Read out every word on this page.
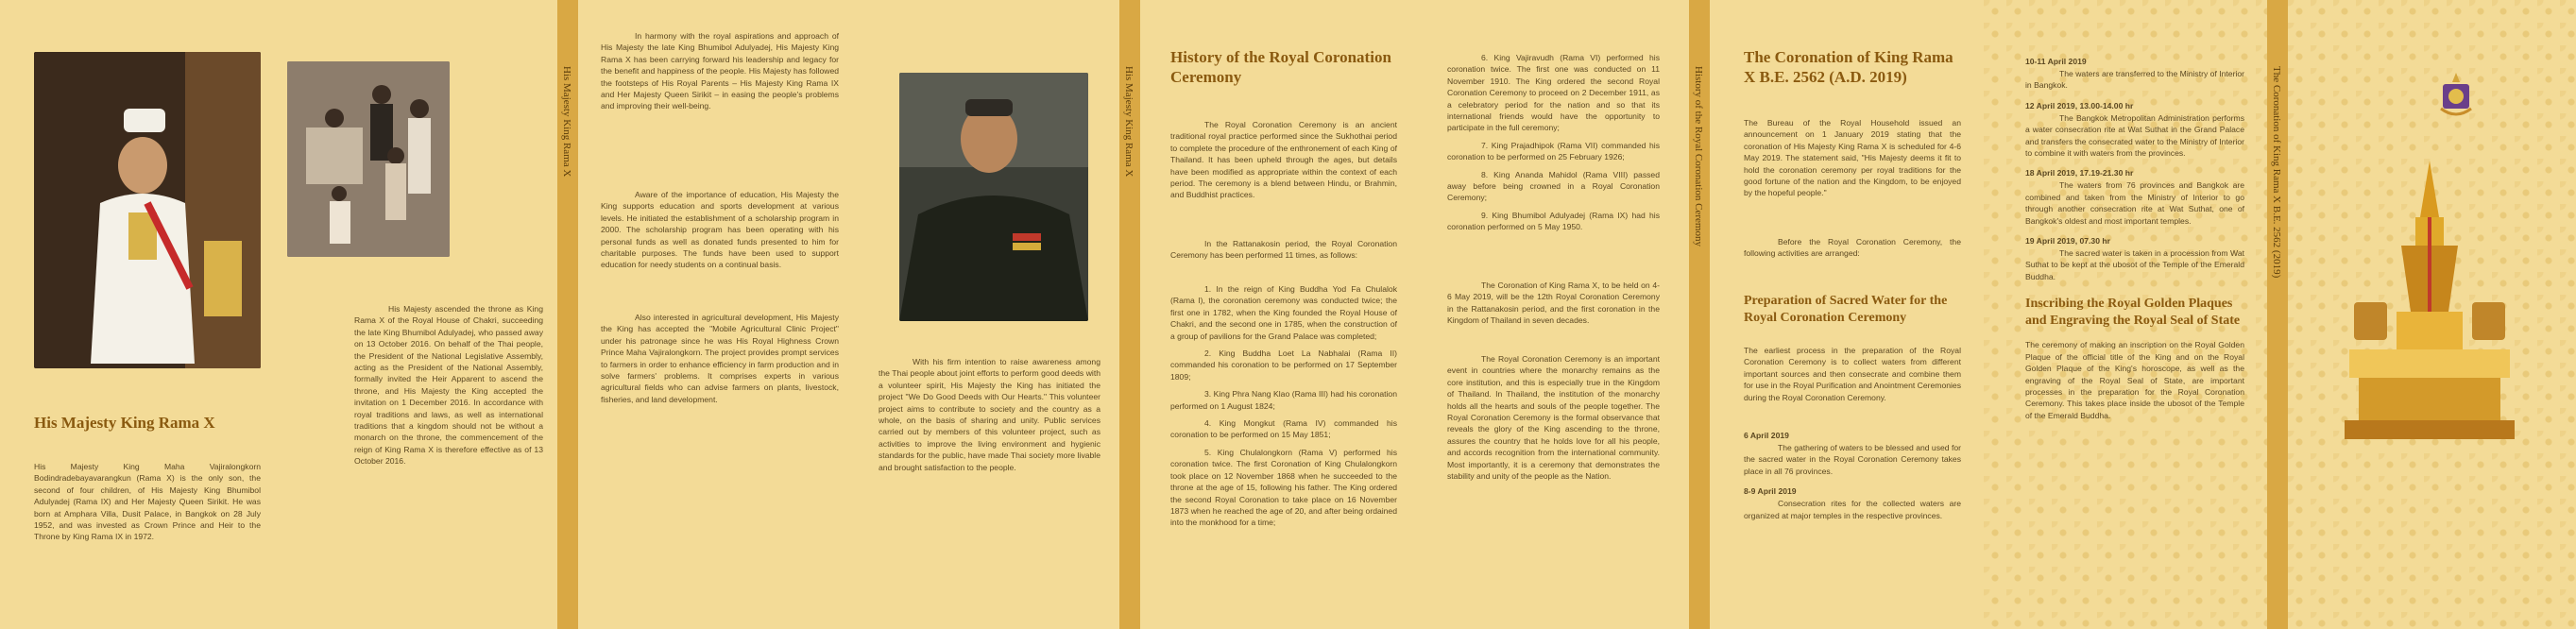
His Majesty King Rama X

His Majesty King Maha Vajiralongkorn Bodindradebayavarangkun (Rama X) is the only son, the second of four children, of His Majesty King Bhumibol Adulyadej (Rama IX) and Her Majesty Queen Sirikit. He was born at Amphara Villa, Dusit Palace, in Bangkok on 28 July 1952, and was invested as Crown Prince and Heir to the Throne by King Rama IX in 1972.

His Majesty ascended the throne as King Rama X of the Royal House of Chakri, succeeding the late King Bhumibol Adulyadej, who passed away on 13 October 2016. On behalf of the Thai people, the President of the National Legislative Assembly, acting as the President of the National Assembly, formally invited the Heir Apparent to ascend the throne, and His Majesty the King accepted the invitation on 1 December 2016. In accordance with royal traditions and laws, as well as international traditions that a kingdom should not be without a monarch on the throne, the commencement of the reign of King Rama X is therefore effective as of 13 October 2016.

His Majesty King Rama X

In harmony with the royal aspirations and approach of His Majesty the late King Bhumibol Adulyadej, His Majesty King Rama X has been carrying forward his leadership and legacy for the benefit and happiness of the people. His Majesty has followed the footsteps of His Royal Parents – His Majesty King Rama IX and Her Majesty Queen Sirikit – in easing the people's problems and improving their well-being.

Aware of the importance of education, His Majesty the King supports education and sports development at various levels. He initiated the establishment of a scholarship program in 2000. The scholarship program has been operating with his personal funds as well as donated funds presented to him for charitable purposes. The funds have been used to support education for needy students on a continual basis.

Also interested in agricultural development, His Majesty the King has accepted the "Mobile Agricultural Clinic Project" under his patronage since he was His Royal Highness Crown Prince Maha Vajiralongkorn. The project provides prompt services to farmers in order to enhance efficiency in farm production and in solve farmers' problems. It comprises experts in various agricultural fields who can advise farmers on plants, livestock, fisheries, and land development.

With his firm intention to raise awareness among the Thai people about joint efforts to perform good deeds with a volunteer spirit, His Majesty the King has initiated the project "We Do Good Deeds with Our Hearts." This volunteer project aims to contribute to society and the country as a whole, on the basis of sharing and unity. Public services carried out by members of this volunteer project, such as activities to improve the living environment and hygienic standards for the public, have made Thai society more livable and brought satisfaction to the people.

His Majesty King Rama X
History of the Royal Coronation Ceremony

The Royal Coronation Ceremony is an ancient traditional royal practice performed since the Sukhothai period to complete the procedure of the enthronement of each King of Thailand. It has been upheld through the ages, but details have been modified as appropriate within the context of each period. The ceremony is a blend between Hindu, or Brahmin, and Buddhist practices.

In the Rattanakosin period, the Royal Coronation Ceremony has been performed 11 times, as follows:

1. In the reign of King Buddha Yod Fa Chulalok (Rama I), the coronation ceremony was conducted twice; the first one in 1782, when the King founded the Royal House of Chakri, and the second one in 1785, when the construction of a group of pavilions for the Grand Palace was completed;

2. King Buddha Loet La Nabhalai (Rama II) commanded his coronation to be performed on 17 September 1809;

3. King Phra Nang Klao (Rama III) had his coronation performed on 1 August 1824;

4. King Mongkut (Rama IV) commanded his coronation to be performed on 15 May 1851;

5. King Chulalongkorn (Rama V) performed his coronation twice. The first Coronation of King Chulalongkorn took place on 12 November 1868 when he succeeded to the throne at the age of 15, following his father. The King ordered the second Royal Coronation to take place on 16 November 1873 when he reached the age of 20, and after being ordained into the monkhood for a time;

6. King Vajiravudh (Rama VI) performed his coronation twice. The first one was conducted on 11 November 1910. The King ordered the second Royal Coronation Ceremony to proceed on 2 December 1911, as a celebratory period for the nation and so that its international friends would have the opportunity to participate in the full ceremony;

7. King Prajadhipok (Rama VII) commanded his coronation to be performed on 25 February 1926;

8. King Ananda Mahidol (Rama VIII) passed away before being crowned in a Royal Coronation Ceremony;

9. King Bhumibol Adulyadej (Rama IX) had his coronation performed on 5 May 1950.

The Coronation of King Rama X, to be held on 4-6 May 2019, will be the 12th Royal Coronation Ceremony in the Rattanakosin period, and the first coronation in the Kingdom of Thailand in seven decades.

The Royal Coronation Ceremony is an important event in countries where the monarchy remains as the core institution, and this is especially true in the Kingdom of Thailand. In Thailand, the institution of the monarchy holds all the hearts and souls of the people together. The Royal Coronation Ceremony is the formal observance that reveals the glory of the King ascending to the throne, assures the country that he holds love for all his people, and accords recognition from the international community. Most importantly, it is a ceremony that demonstrates the stability and unity of the people as the Nation.

History of the Royal Coronation Ceremony
The Coronation of King Rama X B.E. 2562 (A.D. 2019)

The Bureau of the Royal Household issued an announcement on 1 January 2019 stating that the coronation of His Majesty King Rama X is scheduled for 4-6 May 2019. The statement said, "His Majesty deems it fit to hold the coronation ceremony per royal traditions for the good fortune of the nation and the Kingdom, to be enjoyed by the hopeful people."

Before the Royal Coronation Ceremony, the following activities are arranged:

Preparation of Sacred Water for the Royal Coronation Ceremony

The earliest process in the preparation of the Royal Coronation Ceremony is to collect waters from different important sources and then consecrate and combine them for use in the Royal Purification and Anointment Ceremonies during the Royal Coronation Ceremony.

6 April 2019

The gathering of waters to be blessed and used for the sacred water in the Royal Coronation Ceremony takes place in all 76 provinces.

8-9 April 2019

Consecration rites for the collected waters are organized at major temples in the respective provinces.

10-11 April 2019

The waters are transferred to the Ministry of Interior in Bangkok.

12 April 2019, 13.00-14.00 hr

The Bangkok Metropolitan Administration performs a water consecration rite at Wat Suthat in the Grand Palace and transfers the consecrated water to the Ministry of Interior to combine it with waters from the provinces.

18 April 2019, 17.19-21.30 hr

The waters from 76 provinces and Bangkok are combined and taken from the Ministry of Interior to go through another consecration rite at Wat Suthat, one of Bangkok's oldest and most important temples.

19 April 2019, 07.30 hr

The sacred water is taken in a procession from Wat Suthat to be kept at the ubosot of the Temple of the Emerald Buddha.

Inscribing the Royal Golden Plaques and Engraving the Royal Seal of State

The ceremony of making an inscription on the Royal Golden Plaque of the official title of the King and on the Royal Golden Plaque of the King's horoscope, as well as the engraving of the Royal Seal of State, are important processes in the preparation for the Royal Coronation Ceremony. This takes place inside the ubosot of the Temple of the Emerald Buddha.

The Coronation of King Rama X B.E. 2562 (2019)
